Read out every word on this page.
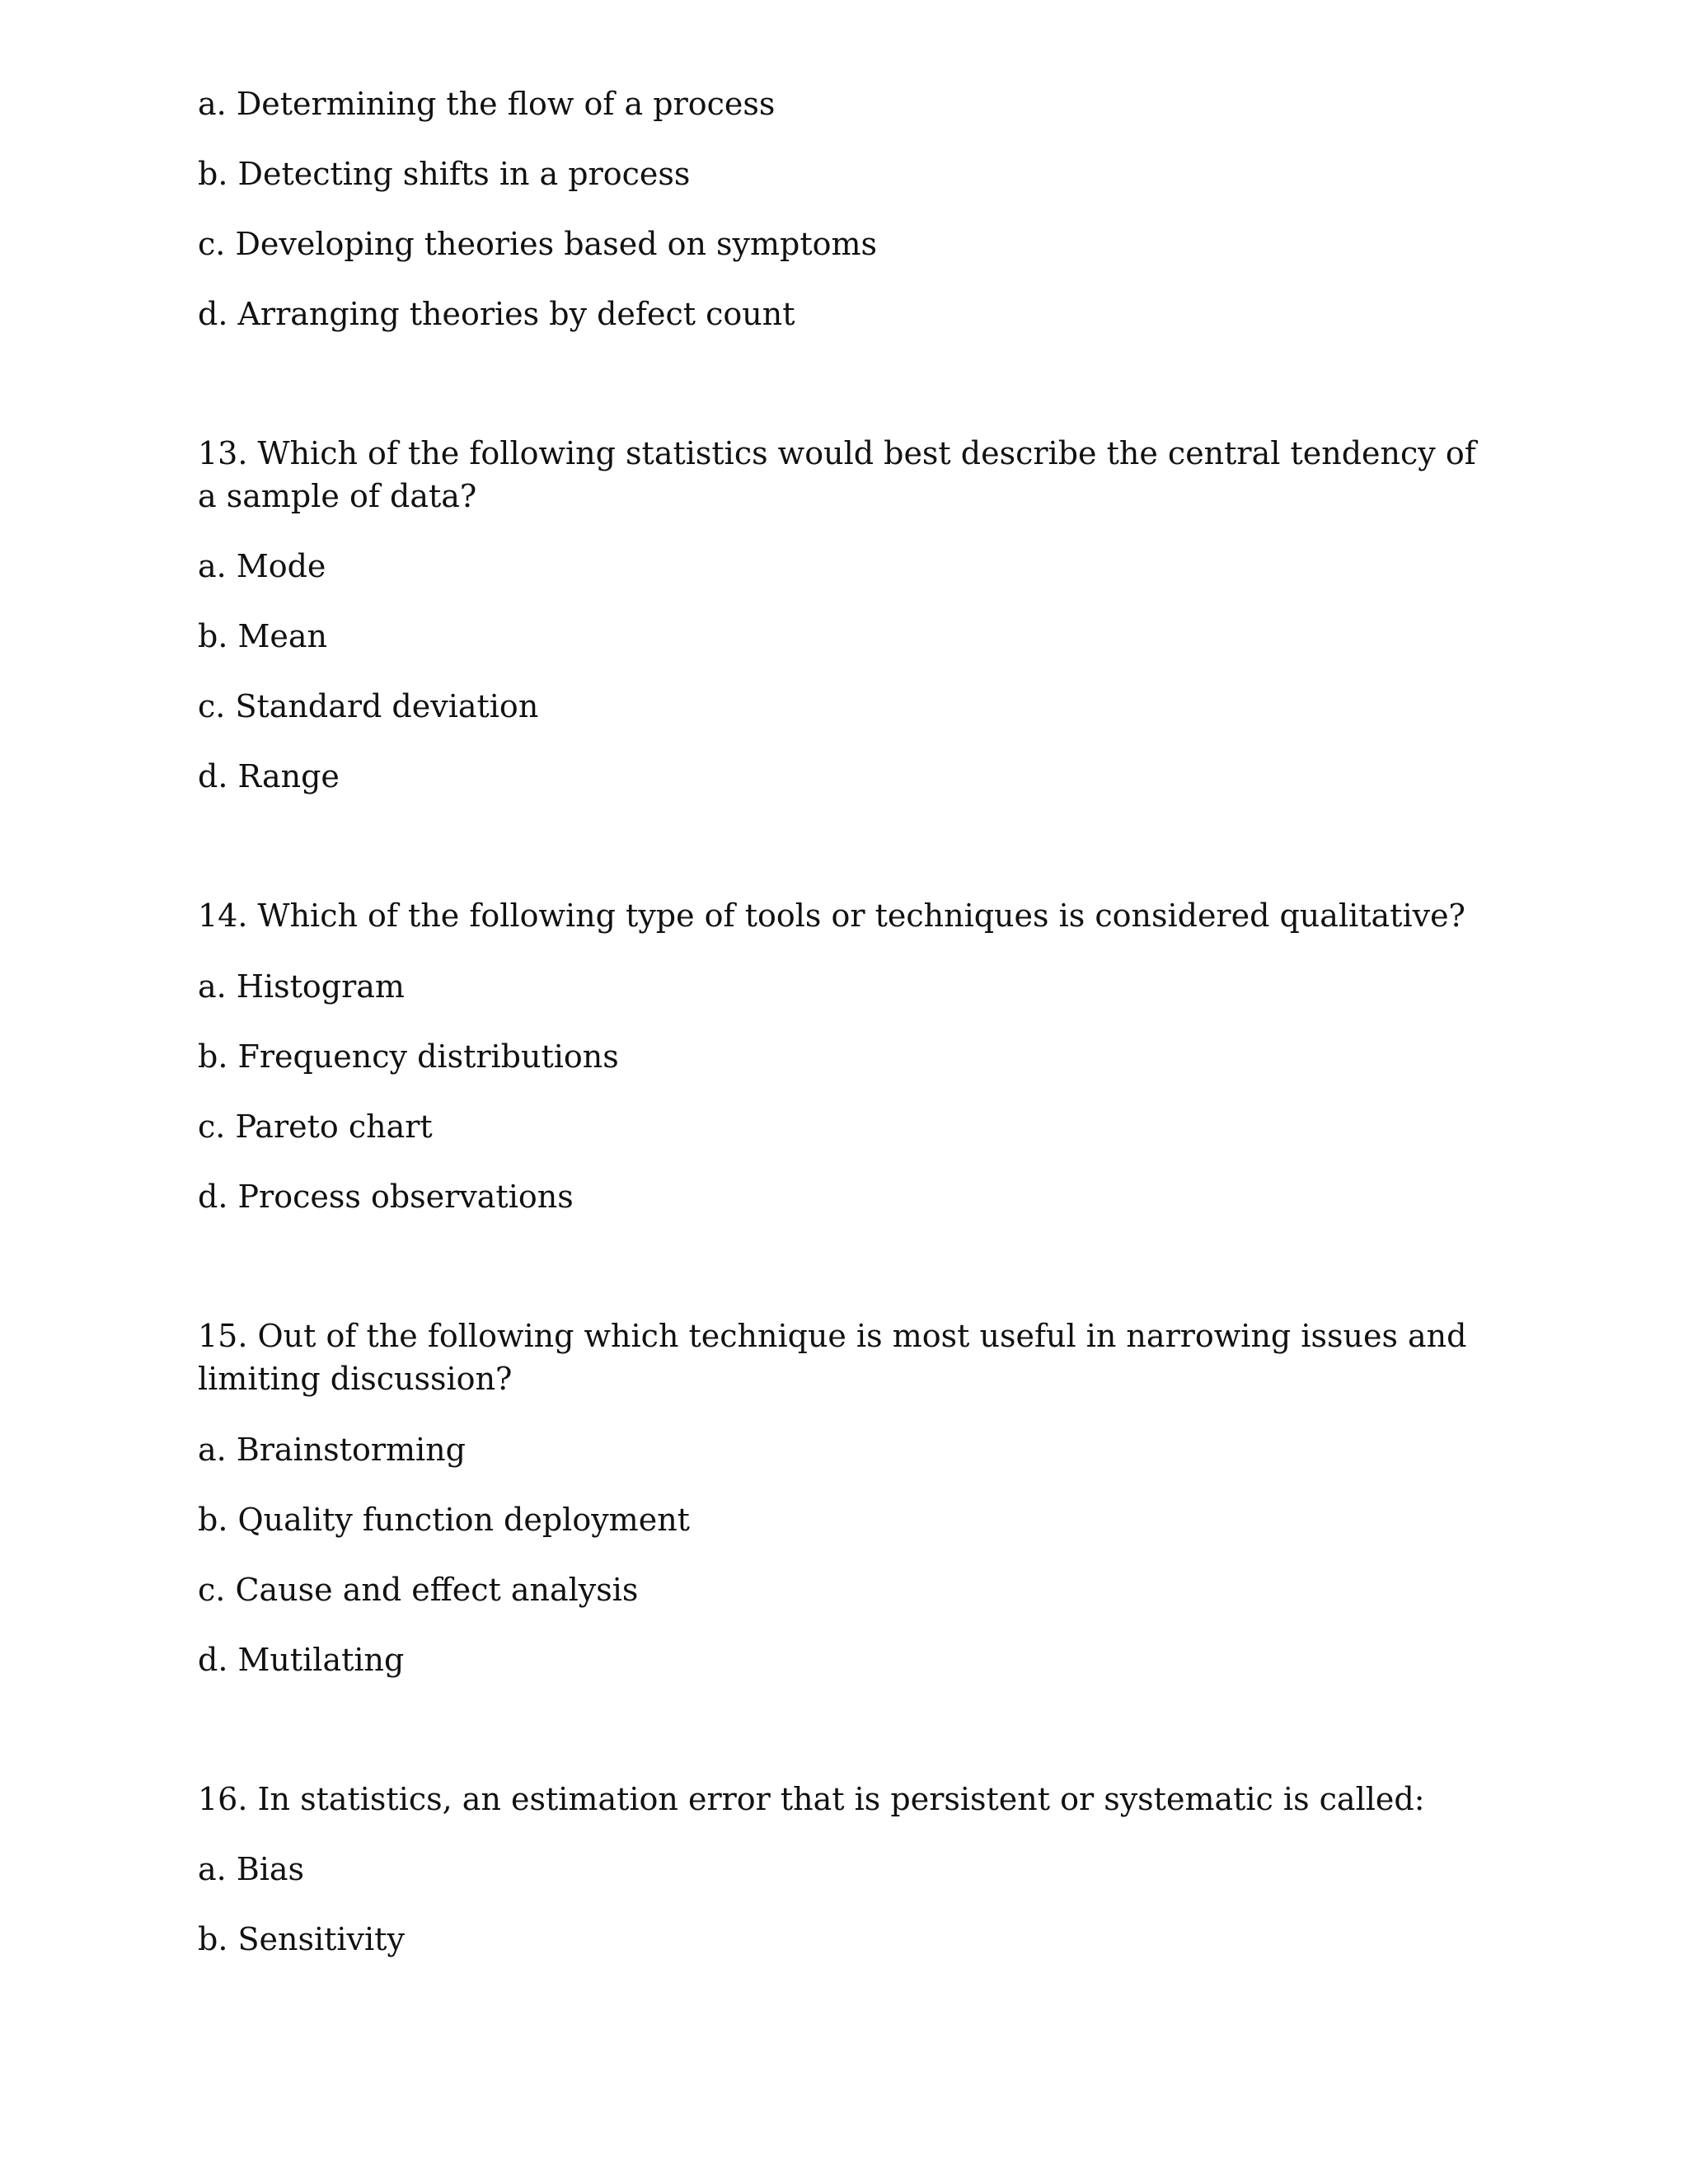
a. Determining the flow of a process
b. Detecting shifts in a process
c. Developing theories based on symptoms
d. Arranging theories by defect count
13. Which of the following statistics would best describe the central tendency of a sample of data?
a. Mode
b. Mean
c. Standard deviation
d. Range
14. Which of the following type of tools or techniques is considered qualitative?
a. Histogram
b. Frequency distributions
c. Pareto chart
d. Process observations
15. Out of the following which technique is most useful in narrowing issues and limiting discussion?
a. Brainstorming
b. Quality function deployment
c. Cause and effect analysis
d. Mutilating
16. In statistics, an estimation error that is persistent or systematic is called:
a. Bias
b. Sensitivity
